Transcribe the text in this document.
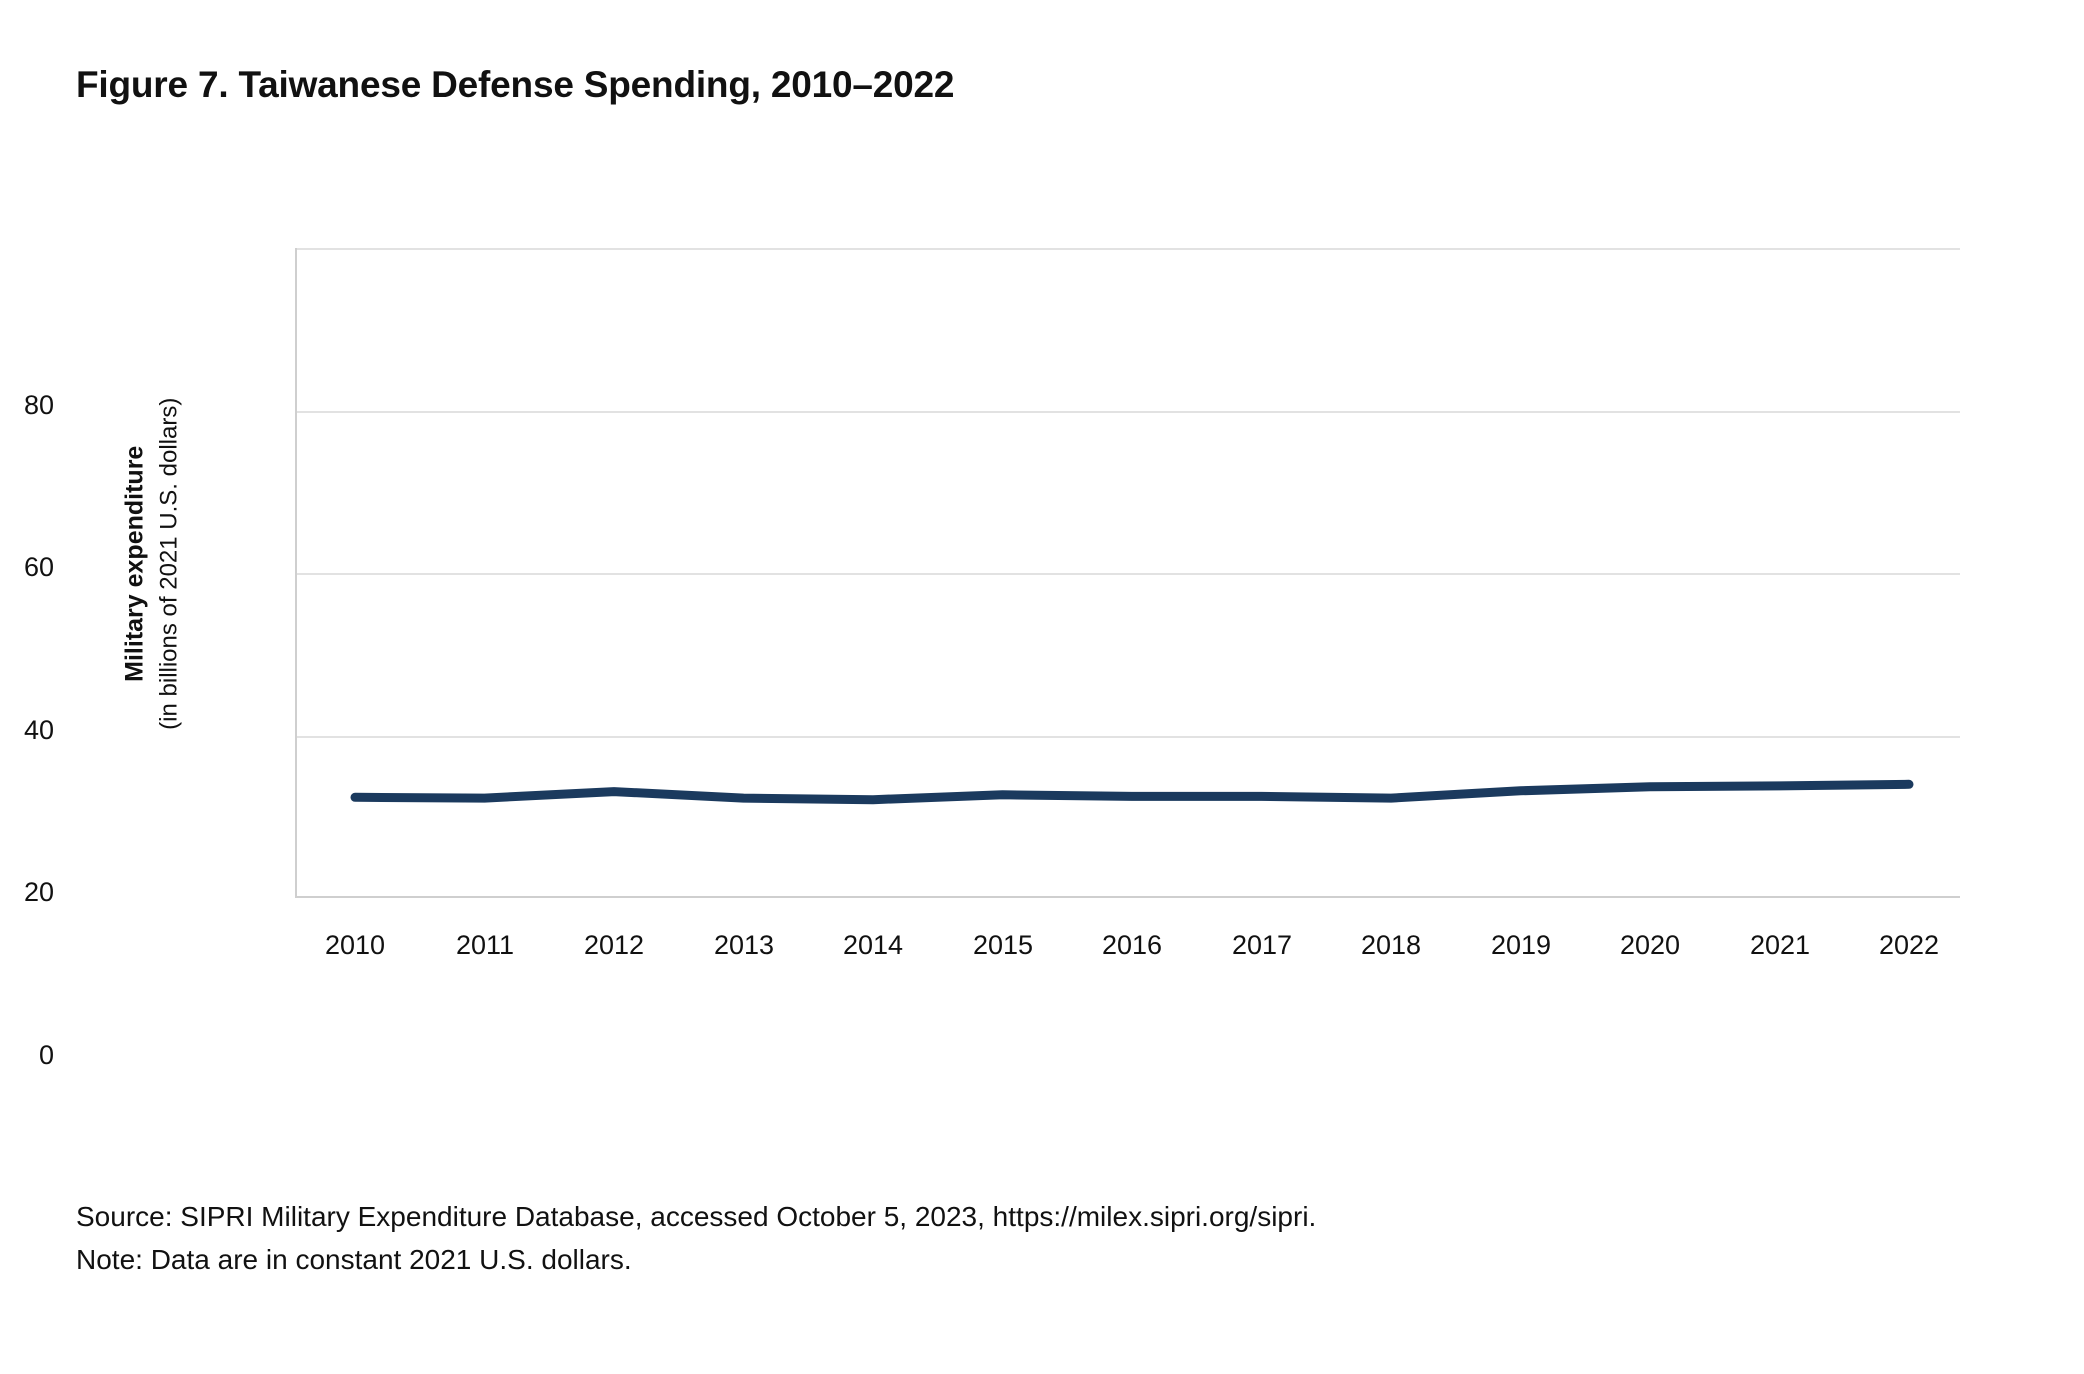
Figure 7. Taiwanese Defense Spending, 2010–2022
Military expenditure (in billions of 2021 U.S. dollars)
80
60
40
20
0
2010	2011	2012	2013	2014	2015	2016	2017	2018	2019	2020	2021	2022
Source: SIPRI Military Expenditure Database, accessed October 5, 2023, https://milex.sipri.org/sipri.
Note: Data are in constant 2021 U.S. dollars.
